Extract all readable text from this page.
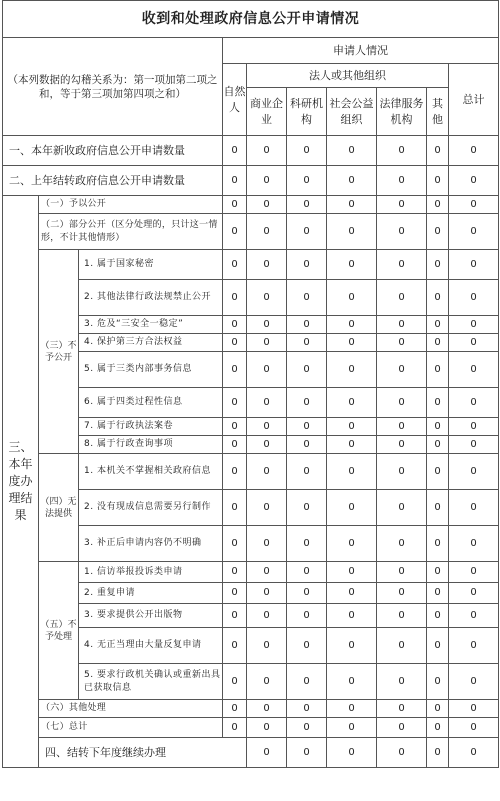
收到和处理政府信息公开申请情况										
（本列数据的勾稽关系为：第一项加第二项之和，等于第三项加第四项之和）			申请人情况							
			自然人	法人或其他组织					总计	
				商业企业	科研机构	社会公益组织	法律服务机构	其他		
一、本年新收政府信息公开申请数量			0	0	0	0	0	0	0	
二、上年结转政府信息公开申请数量			0	0	0	0	0	0	0	
三、本年度办理结果	（一）予以公开		0	0	0	0	0	0	0	
	（二）部分公开（区分处理的，只计这一情形，不计其他情形）		0	0	0	0	0	0	0	
	（三）不予公开	1. 属于国家秘密	0	0	0	0	0	0	0	
		2. 其他法律行政法规禁止公开	0	0	0	0	0	0	0	
		3. 危及“三安全一稳定”	0	0	0	0	0	0	0	
		4. 保护第三方合法权益	0	0	0	0	0	0	0	
		5. 属于三类内部事务信息	0	0	0	0	0	0	0	
		6. 属于四类过程性信息	0	0	0	0	0	0	0	
		7. 属于行政执法案卷	0	0	0	0	0	0	0	
		8. 属于行政查询事项	0	0	0	0	0	0	0	
	（四）无法提供	1. 本机关不掌握相关政府信息	0	0	0	0	0	0	0	
		2. 没有现成信息需要另行制作	0	0	0	0	0	0	0	
		3. 补正后申请内容仍不明确	0	0	0	0	0	0	0	
	（五）不予处理	1. 信访举报投诉类申请	0	0	0	0	0	0	0	
		2. 重复申请	0	0	0	0	0	0	0	
		3. 要求提供公开出版物	0	0	0	0	0	0	0	
		4. 无正当理由大量反复申请	0	0	0	0	0	0	0	
		5. 要求行政机关确认或重新出具已获取信息	0	0	0	0	0	0	0	
	（六）其他处理		0	0	0	0	0	0	0	
	（七）总计		0	0	0	0	0	0	0	
	四、结转下年度继续办理			0	0	0	0	0	0	
